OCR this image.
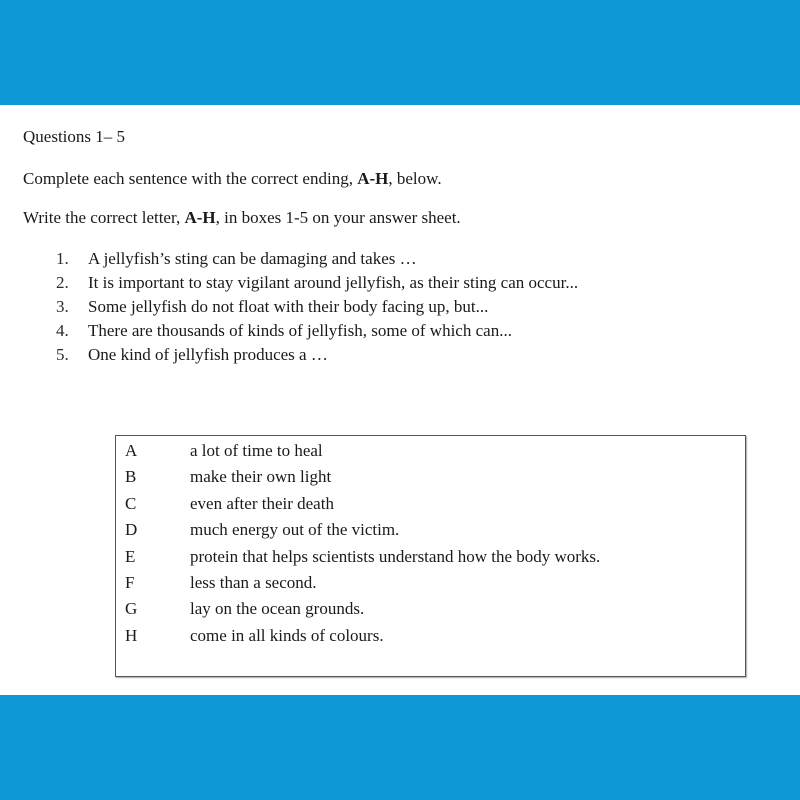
Questions 1– 5
Complete each sentence with the correct ending, A-H, below.
Write the correct letter, A-H, in boxes 1-5 on your answer sheet.
1.	A jellyfish’s sting can be damaging and takes …
2.	It is important to stay vigilant around jellyfish, as their sting can occur...
3.	Some jellyfish do not float with their body facing up, but...
4.	There are thousands of kinds of jellyfish, some of which can...
5.	One kind of jellyfish produces a …
A	a lot of time to heal
B	make their own light
C	even after their death
D	much energy out of the victim.
E	protein that helps scientists understand how the body works.
F	less than a second.
G	lay on the ocean grounds.
H	come in all kinds of colours.
